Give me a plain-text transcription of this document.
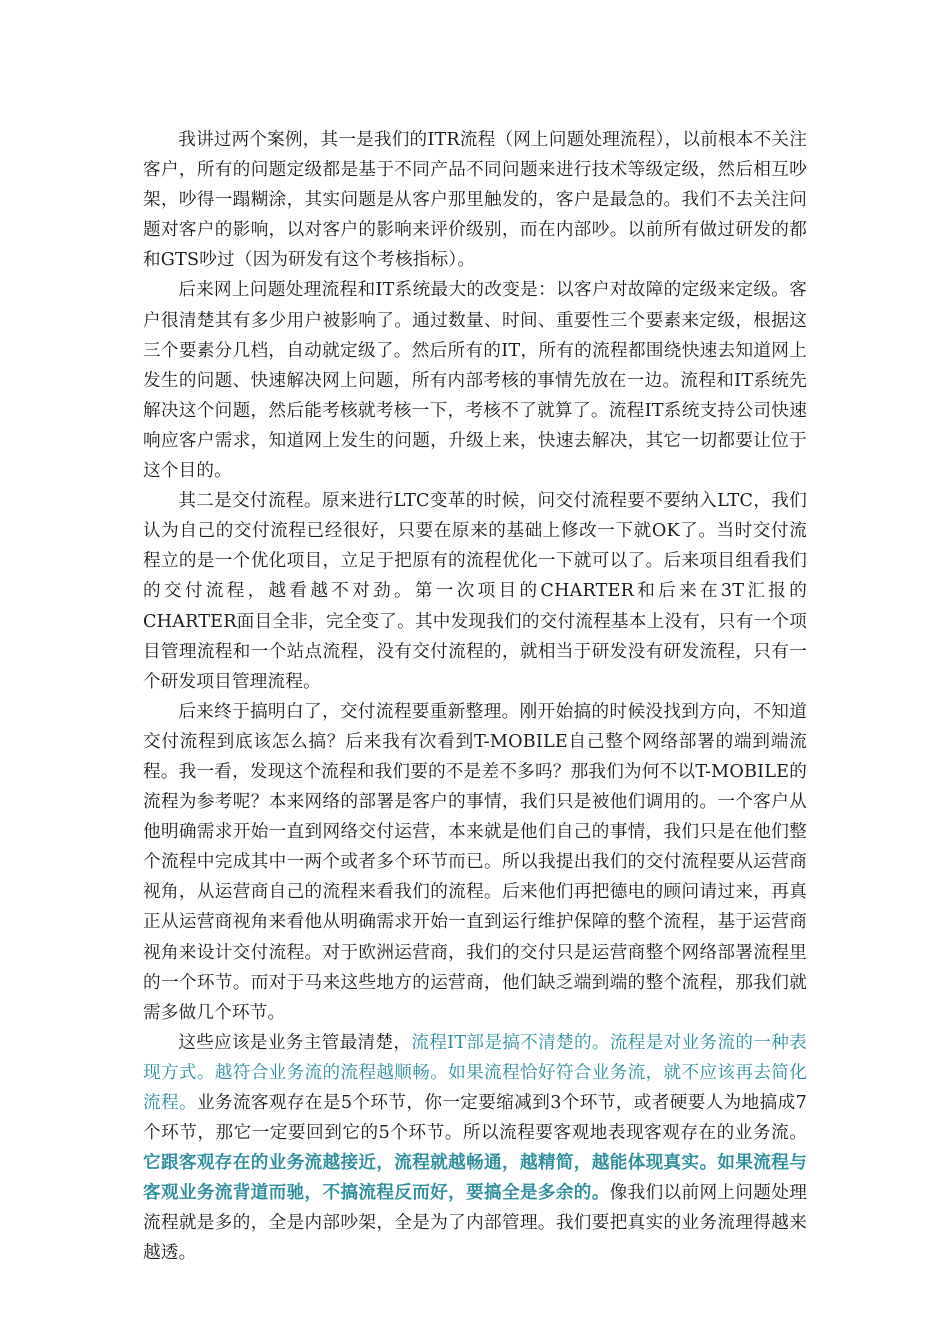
我讲过两个案例，其一是我们的ITR流程（网上问题处理流程），以前根本不关注客户，所有的问题定级都是基于不同产品不同问题来进行技术等级定级，然后相互吵架，吵得一蹋糊涂，其实问题是从客户那里触发的，客户是最急的。我们不去关注问题对客户的影响，以对客户的影响来评价级别，而在内部吵。以前所有做过研发的都和GTS吵过（因为研发有这个考核指标）。

后来网上问题处理流程和IT系统最大的改变是：以客户对故障的定级来定级。客户很清楚其有多少用户被影响了。通过数量、时间、重要性三个要素来定级，根据这三个要素分几档，自动就定级了。然后所有的IT，所有的流程都围绕快速去知道网上发生的问题、快速解决网上问题，所有内部考核的事情先放在一边。流程和IT系统先解决这个问题，然后能考核就考核一下，考核不了就算了。流程IT系统支持公司快速响应客户需求，知道网上发生的问题，升级上来，快速去解决，其它一切都要让位于这个目的。

其二是交付流程。原来进行LTC变革的时候，问交付流程要不要纳入LTC，我们认为自己的交付流程已经很好，只要在原来的基础上修改一下就OK了。当时交付流程立的是一个优化项目，立足于把原有的流程优化一下就可以了。后来项目组看我们的交付流程，越看越不对劲。第一次项目的CHARTER和后来在3T汇报的CHARTER面目全非，完全变了。其中发现我们的交付流程基本上没有，只有一个项目管理流程和一个站点流程，没有交付流程的，就相当于研发没有研发流程，只有一个研发项目管理流程。

后来终于搞明白了，交付流程要重新整理。刚开始搞的时候没找到方向，不知道交付流程到底该怎么搞？后来我有次看到T-MOBILE自己整个网络部署的端到端流程。我一看，发现这个流程和我们要的不是差不多吗？那我们为何不以T-MOBILE的流程为参考呢？本来网络的部署是客户的事情，我们只是被他们调用的。一个客户从他明确需求开始一直到网络交付运营，本来就是他们自己的事情，我们只是在他们整个流程中完成其中一两个或者多个环节而已。所以我提出我们的交付流程要从运营商视角，从运营商自己的流程来看我们的流程。后来他们再把德电的顾问请过来，再真正从运营商视角来看他从明确需求开始一直到运行维护保障的整个流程，基于运营商视角来设计交付流程。对于欧洲运营商，我们的交付只是运营商整个网络部署流程里的一个环节。而对于马来这些地方的运营商，他们缺乏端到端的整个流程，那我们就需多做几个环节。

这些应该是业务主管最清楚，流程IT部是搞不清楚的。流程是对业务流的一种表现方式。越符合业务流的流程越顺畅。如果流程恰好符合业务流，就不应该再去简化流程。业务流客观存在是5个环节，你一定要缩减到3个环节，或者硬要人为地搞成7个环节，那它一定要回到它的5个环节。所以流程要客观地表现客观存在的业务流。它跟客观存在的业务流越接近，流程就越畅通，越精简，越能体现真实。如果流程与客观业务流背道而驰，不搞流程反而好，要搞全是多余的。像我们以前网上问题处理流程就是多的，全是内部吵架，全是为了内部管理。我们要把真实的业务流理得越来越透。
